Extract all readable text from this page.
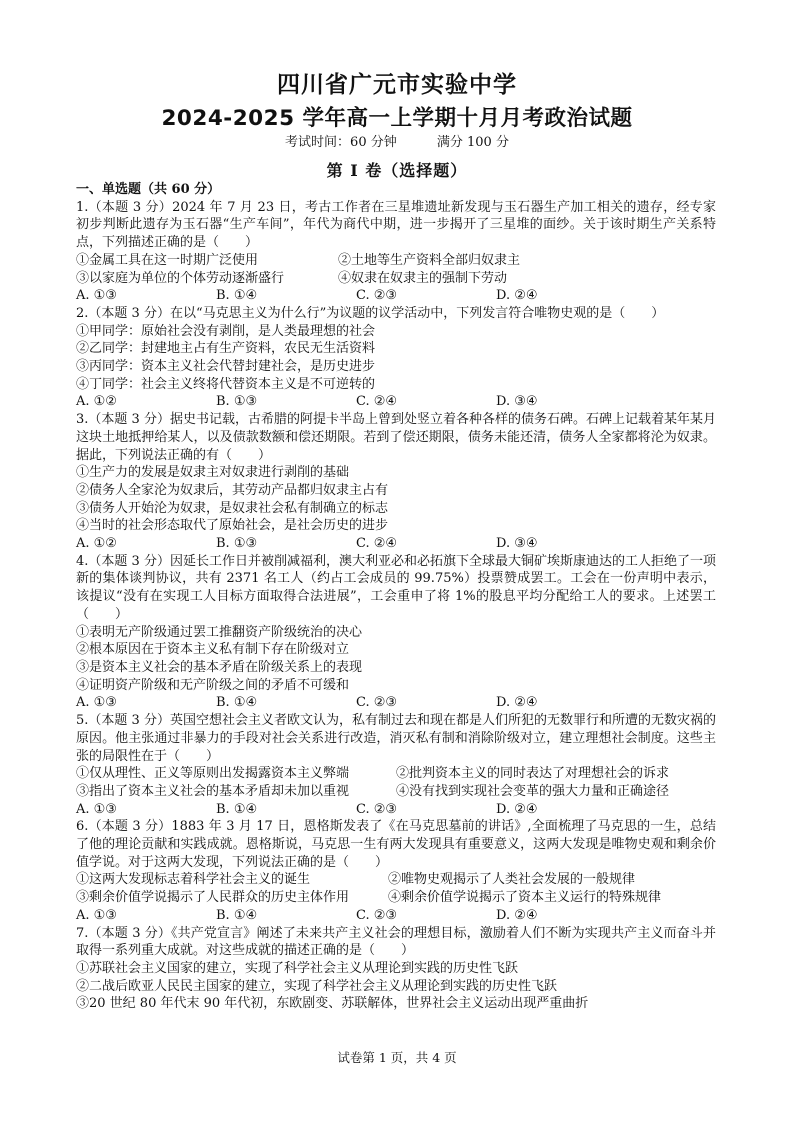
四川省广元市实验中学
2024-2025 学年高一上学期十月月考政治试题
考试时间：60 分钟	满分 100 分
第 I 卷（选择题）
一、单选题（共 60 分）

1.（本题 3 分）2024 年 7 月 23 日，考古工作者在三星堆遗址新发现与玉石器生产加工相关的遗存，经专家初步判断此遗存为玉石器“生产车间”，年代为商代中期，进一步揭开了三星堆的面纱。关于该时期生产关系特点，下列描述正确的是（　　）

①金属工具在这一时期广泛使用	②土地等生产资料全部归奴隶主
③以家庭为单位的个体劳动逐渐盛行	④奴隶在奴隶主的强制下劳动
A. ①③	B. ①④	C. ②③	D. ②④

2.（本题 3 分）在以“马克思主义为什么行”为议题的议学活动中，下列发言符合唯物史观的是（　　）

①甲同学：原始社会没有剥削，是人类最理想的社会

②乙同学：封建地主占有生产资料，农民无生活资料

③丙同学：资本主义社会代替封建社会，是历史进步

④丁同学：社会主义终将代替资本主义是不可逆转的

A. ①②	B. ①③	C. ②④	D. ③④

3.（本题 3 分）据史书记载，古希腊的阿提卡半岛上曾到处竖立着各种各样的债务石碑。石碑上记载着某年某月这块土地抵押给某人，以及债款数额和偿还期限。若到了偿还期限，债务未能还清，债务人全家都将沦为奴隶。据此，下列说法正确的有（　　）

①生产力的发展是奴隶主对奴隶进行剥削的基础

②债务人全家沦为奴隶后，其劳动产品都归奴隶主占有

③债务人开始沦为奴隶，是奴隶社会私有制确立的标志

④当时的社会形态取代了原始社会，是社会历史的进步

A. ①②	B. ①③	C. ②④	D. ③④

4.（本题 3 分）因延长工作日并被削减福利，澳大利亚必和必拓旗下全球最大铜矿埃斯康迪达的工人拒绝了一项新的集体谈判协议，共有 2371 名工人（约占工会成员的 99.75%）投票赞成罢工。工会在一份声明中表示，该提议“没有在实现工人目标方面取得合法进展”，工会重申了将 1%的股息平均分配给工人的要求。上述罢工（　　）

①表明无产阶级通过罢工推翻资产阶级统治的决心

②根本原因在于资本主义私有制下存在阶级对立

③是资本主义社会的基本矛盾在阶级关系上的表现

④证明资产阶级和无产阶级之间的矛盾不可缓和

A. ①③	B. ①④	C. ②③	D. ②④

5.（本题 3 分）英国空想社会主义者欧文认为，私有制过去和现在都是人们所犯的无数罪行和所遭的无数灾祸的原因。他主张通过非暴力的手段对社会关系进行改造，消灭私有制和消除阶级对立，建立理想社会制度。这些主张的局限性在于（　　）

①仅从理性、正义等原则出发揭露资本主义弊端	②批判资本主义的同时表达了对理想社会的诉求
③指出了资本主义社会的基本矛盾却未加以重视	④没有找到实现社会变革的强大力量和正确途径
A. ①③	B. ①④	C. ②③	D. ②④

6.（本题 3 分）1883 年 3 月 17 日，恩格斯发表了《在马克思墓前的讲话》,全面梳理了马克思的一生，总结了他的理论贡献和实践成就。恩格斯说，马克思一生有两大发现具有重要意义，这两大发现是唯物史观和剩余价值学说。对于这两大发现，下列说法正确的是（　　）

①这两大发现标志着科学社会主义的诞生	②唯物史观揭示了人类社会发展的一般规律
③剩余价值学说揭示了人民群众的历史主体作用	④剩余价值学说揭示了资本主义运行的特殊规律
A. ①③	B. ①④	C. ②③	D. ②④

7.（本题 3 分）《共产党宣言》阐述了未来共产主义社会的理想目标，激励着人们不断为实现共产主义而奋斗并取得一系列重大成就。对这些成就的描述正确的是（　　）

①苏联社会主义国家的建立，实现了科学社会主义从理论到实践的历史性飞跃

②二战后欧亚人民民主国家的建立，实现了科学社会主义从理论到实践的历史性飞跃

③20 世纪 80 年代末 90 年代初，东欧剧变、苏联解体，世界社会主义运动出现严重曲折

试卷第 1 页，共 4 页
